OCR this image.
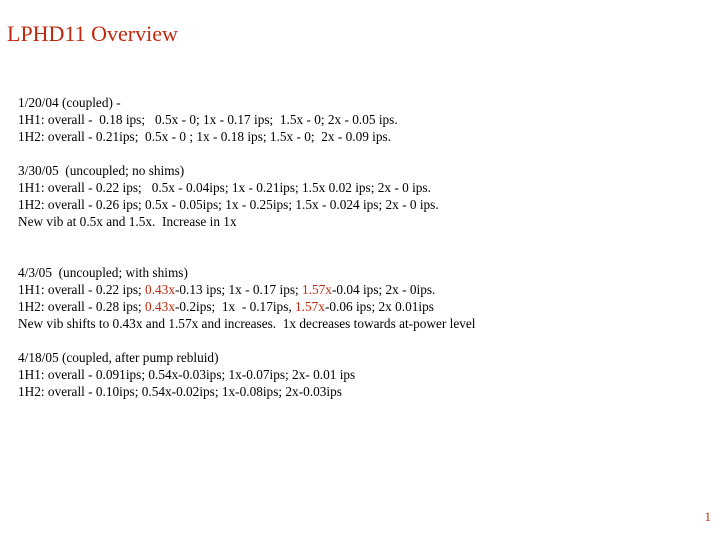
LPHD11 Overview
1/20/04 (coupled) -
1H1: overall -  0.18 ips;   0.5x - 0; 1x - 0.17 ips;  1.5x - 0; 2x - 0.05 ips.
1H2: overall - 0.21ips;  0.5x - 0 ; 1x - 0.18 ips; 1.5x - 0;  2x - 0.09 ips.
3/30/05  (uncoupled; no shims)
1H1: overall - 0.22 ips;   0.5x - 0.04ips; 1x - 0.21ips; 1.5x 0.02 ips; 2x - 0 ips.
1H2: overall - 0.26 ips; 0.5x - 0.05ips; 1x - 0.25ips; 1.5x - 0.024 ips; 2x - 0 ips.
New vib at 0.5x and 1.5x.  Increase in 1x
4/3/05  (uncoupled; with shims)
1H1: overall - 0.22 ips; 0.43x-0.13 ips; 1x - 0.17 ips; 1.57x-0.04 ips; 2x - 0ips.
1H2: overall - 0.28 ips; 0.43x-0.2ips;  1x  - 0.17ips, 1.57x-0.06 ips; 2x 0.01ips
New vib shifts to 0.43x and 1.57x and increases.  1x decreases towards at-power level
4/18/05 (coupled, after pump rebluid)
1H1: overall - 0.091ips; 0.54x-0.03ips; 1x-0.07ips; 2x- 0.01 ips
1H2: overall - 0.10ips; 0.54x-0.02ips; 1x-0.08ips; 2x-0.03ips
1
